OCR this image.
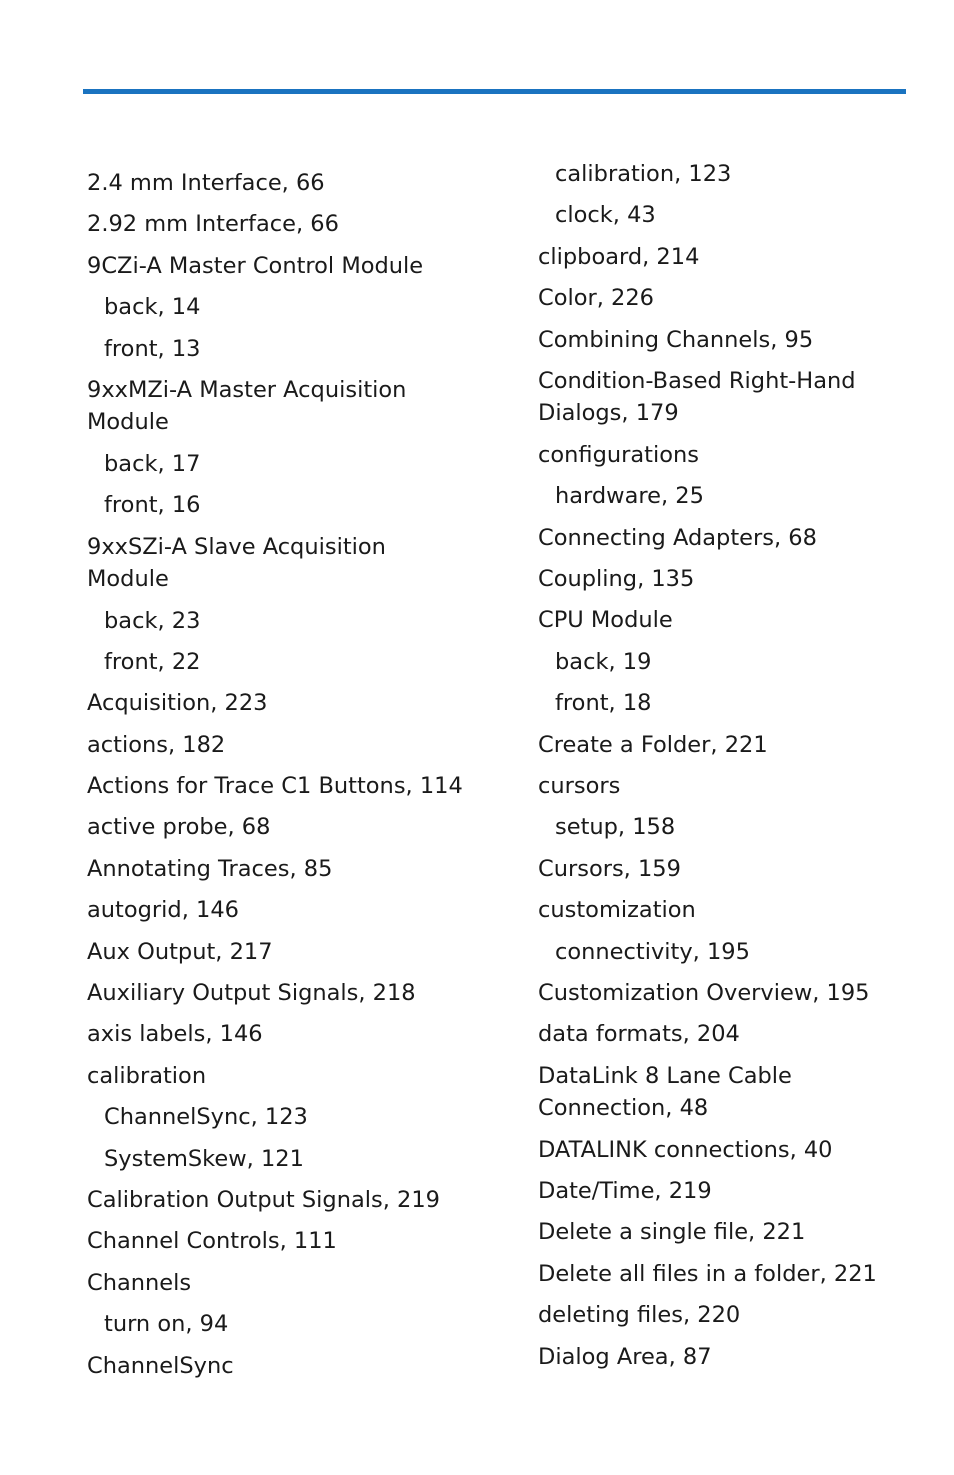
2.4 mm Interface, 66
2.92 mm Interface, 66
9CZi-A Master Control Module
back, 14
front, 13
9xxMZi-A Master Acquisition Module
back, 17
front, 16
9xxSZi-A Slave Acquisition Module
back, 23
front, 22
Acquisition, 223
actions, 182
Actions for Trace C1 Buttons, 114
active probe, 68
Annotating Traces, 85
autogrid, 146
Aux Output, 217
Auxiliary Output Signals, 218
axis labels, 146
calibration
ChannelSync, 123
SystemSkew, 121
Calibration Output Signals, 219
Channel Controls, 111
Channels
turn on, 94
ChannelSync
calibration, 123
clock, 43
clipboard, 214
Color, 226
Combining Channels, 95
Condition-Based Right-Hand Dialogs, 179
configurations
hardware, 25
Connecting Adapters, 68
Coupling, 135
CPU Module
back, 19
front, 18
Create a Folder, 221
cursors
setup, 158
Cursors, 159
customization
connectivity, 195
Customization Overview, 195
data formats, 204
DataLink 8 Lane Cable Connection, 48
DATALINK connections, 40
Date/Time, 219
Delete a single file, 221
Delete all files in a folder, 221
deleting files, 220
Dialog Area, 87
